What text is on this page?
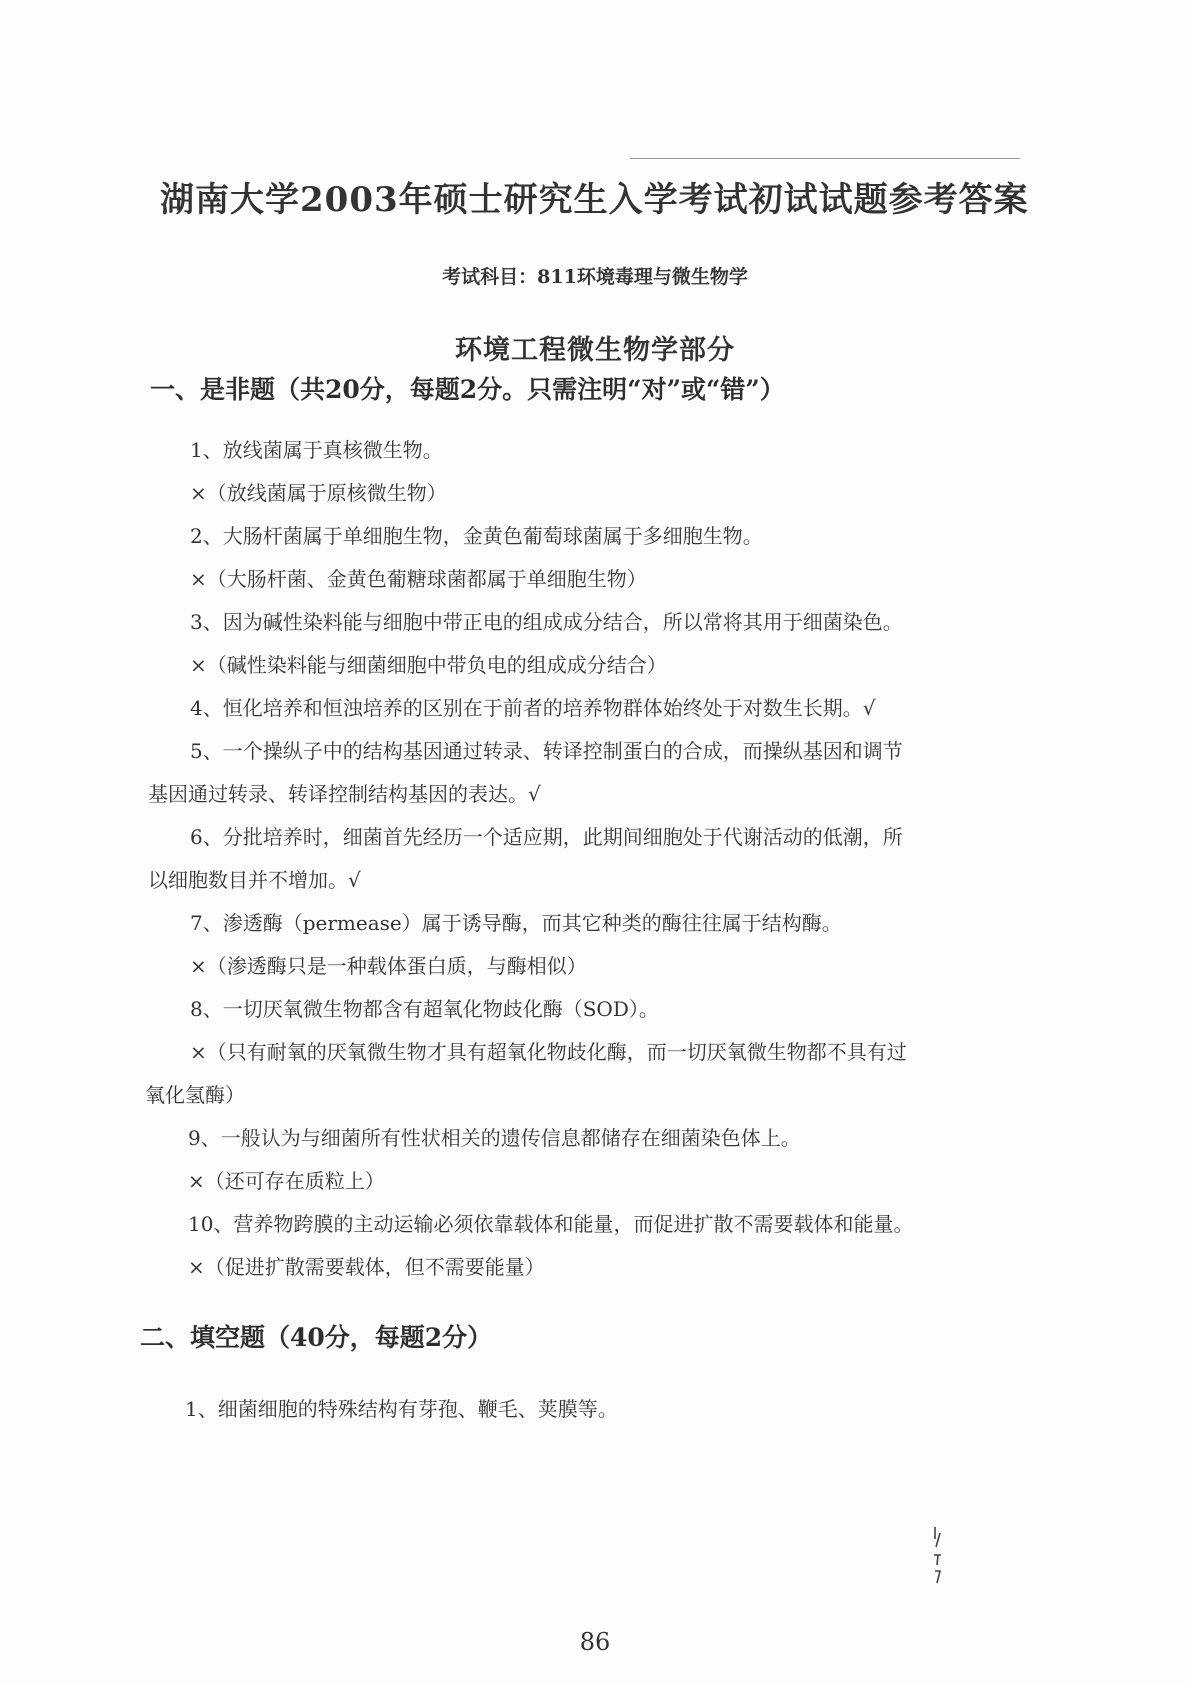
湖南大学2003年硕士研究生入学考试初试试题参考答案
考试科目：811环境毒理与微生物学
环境工程微生物学部分
一、是非题（共20分，每题2分。只需注明“对”或“错”）
1、放线菌属于真核微生物。
×（放线菌属于原核微生物）
2、大肠杆菌属于单细胞生物，金黄色葡萄球菌属于多细胞生物。
×（大肠杆菌、金黄色葡糖球菌都属于单细胞生物）
3、因为碱性染料能与细胞中带正电的组成成分结合，所以常将其用于细菌染色。
×（碱性染料能与细菌细胞中带负电的组成成分结合）
4、恒化培养和恒浊培养的区别在于前者的培养物群体始终处于对数生长期。√
5、一个操纵子中的结构基因通过转录、转译控制蛋白的合成，而操纵基因和调节
基因通过转录、转译控制结构基因的表达。√
6、分批培养时，细菌首先经历一个适应期，此期间细胞处于代谢活动的低潮，所
以细胞数目并不增加。√
7、渗透酶（permease）属于诱导酶，而其它种类的酶往往属于结构酶。
×（渗透酶只是一种载体蛋白质，与酶相似）
8、一切厌氧微生物都含有超氧化物歧化酶（SOD）。
×（只有耐氧的厌氧微生物才具有超氧化物歧化酶，而一切厌氧微生物都不具有过
氧化氢酶）
9、一般认为与细菌所有性状相关的遗传信息都储存在细菌染色体上。
×（还可存在质粒上）
10、营养物跨膜的主动运输必须依靠载体和能量，而促进扩散不需要载体和能量。
×（促进扩散需要载体，但不需要能量）
二、填空题（40分，每题2分）
1、细菌细胞的特殊结构有芽孢、鞭毛、荚膜等。
86
